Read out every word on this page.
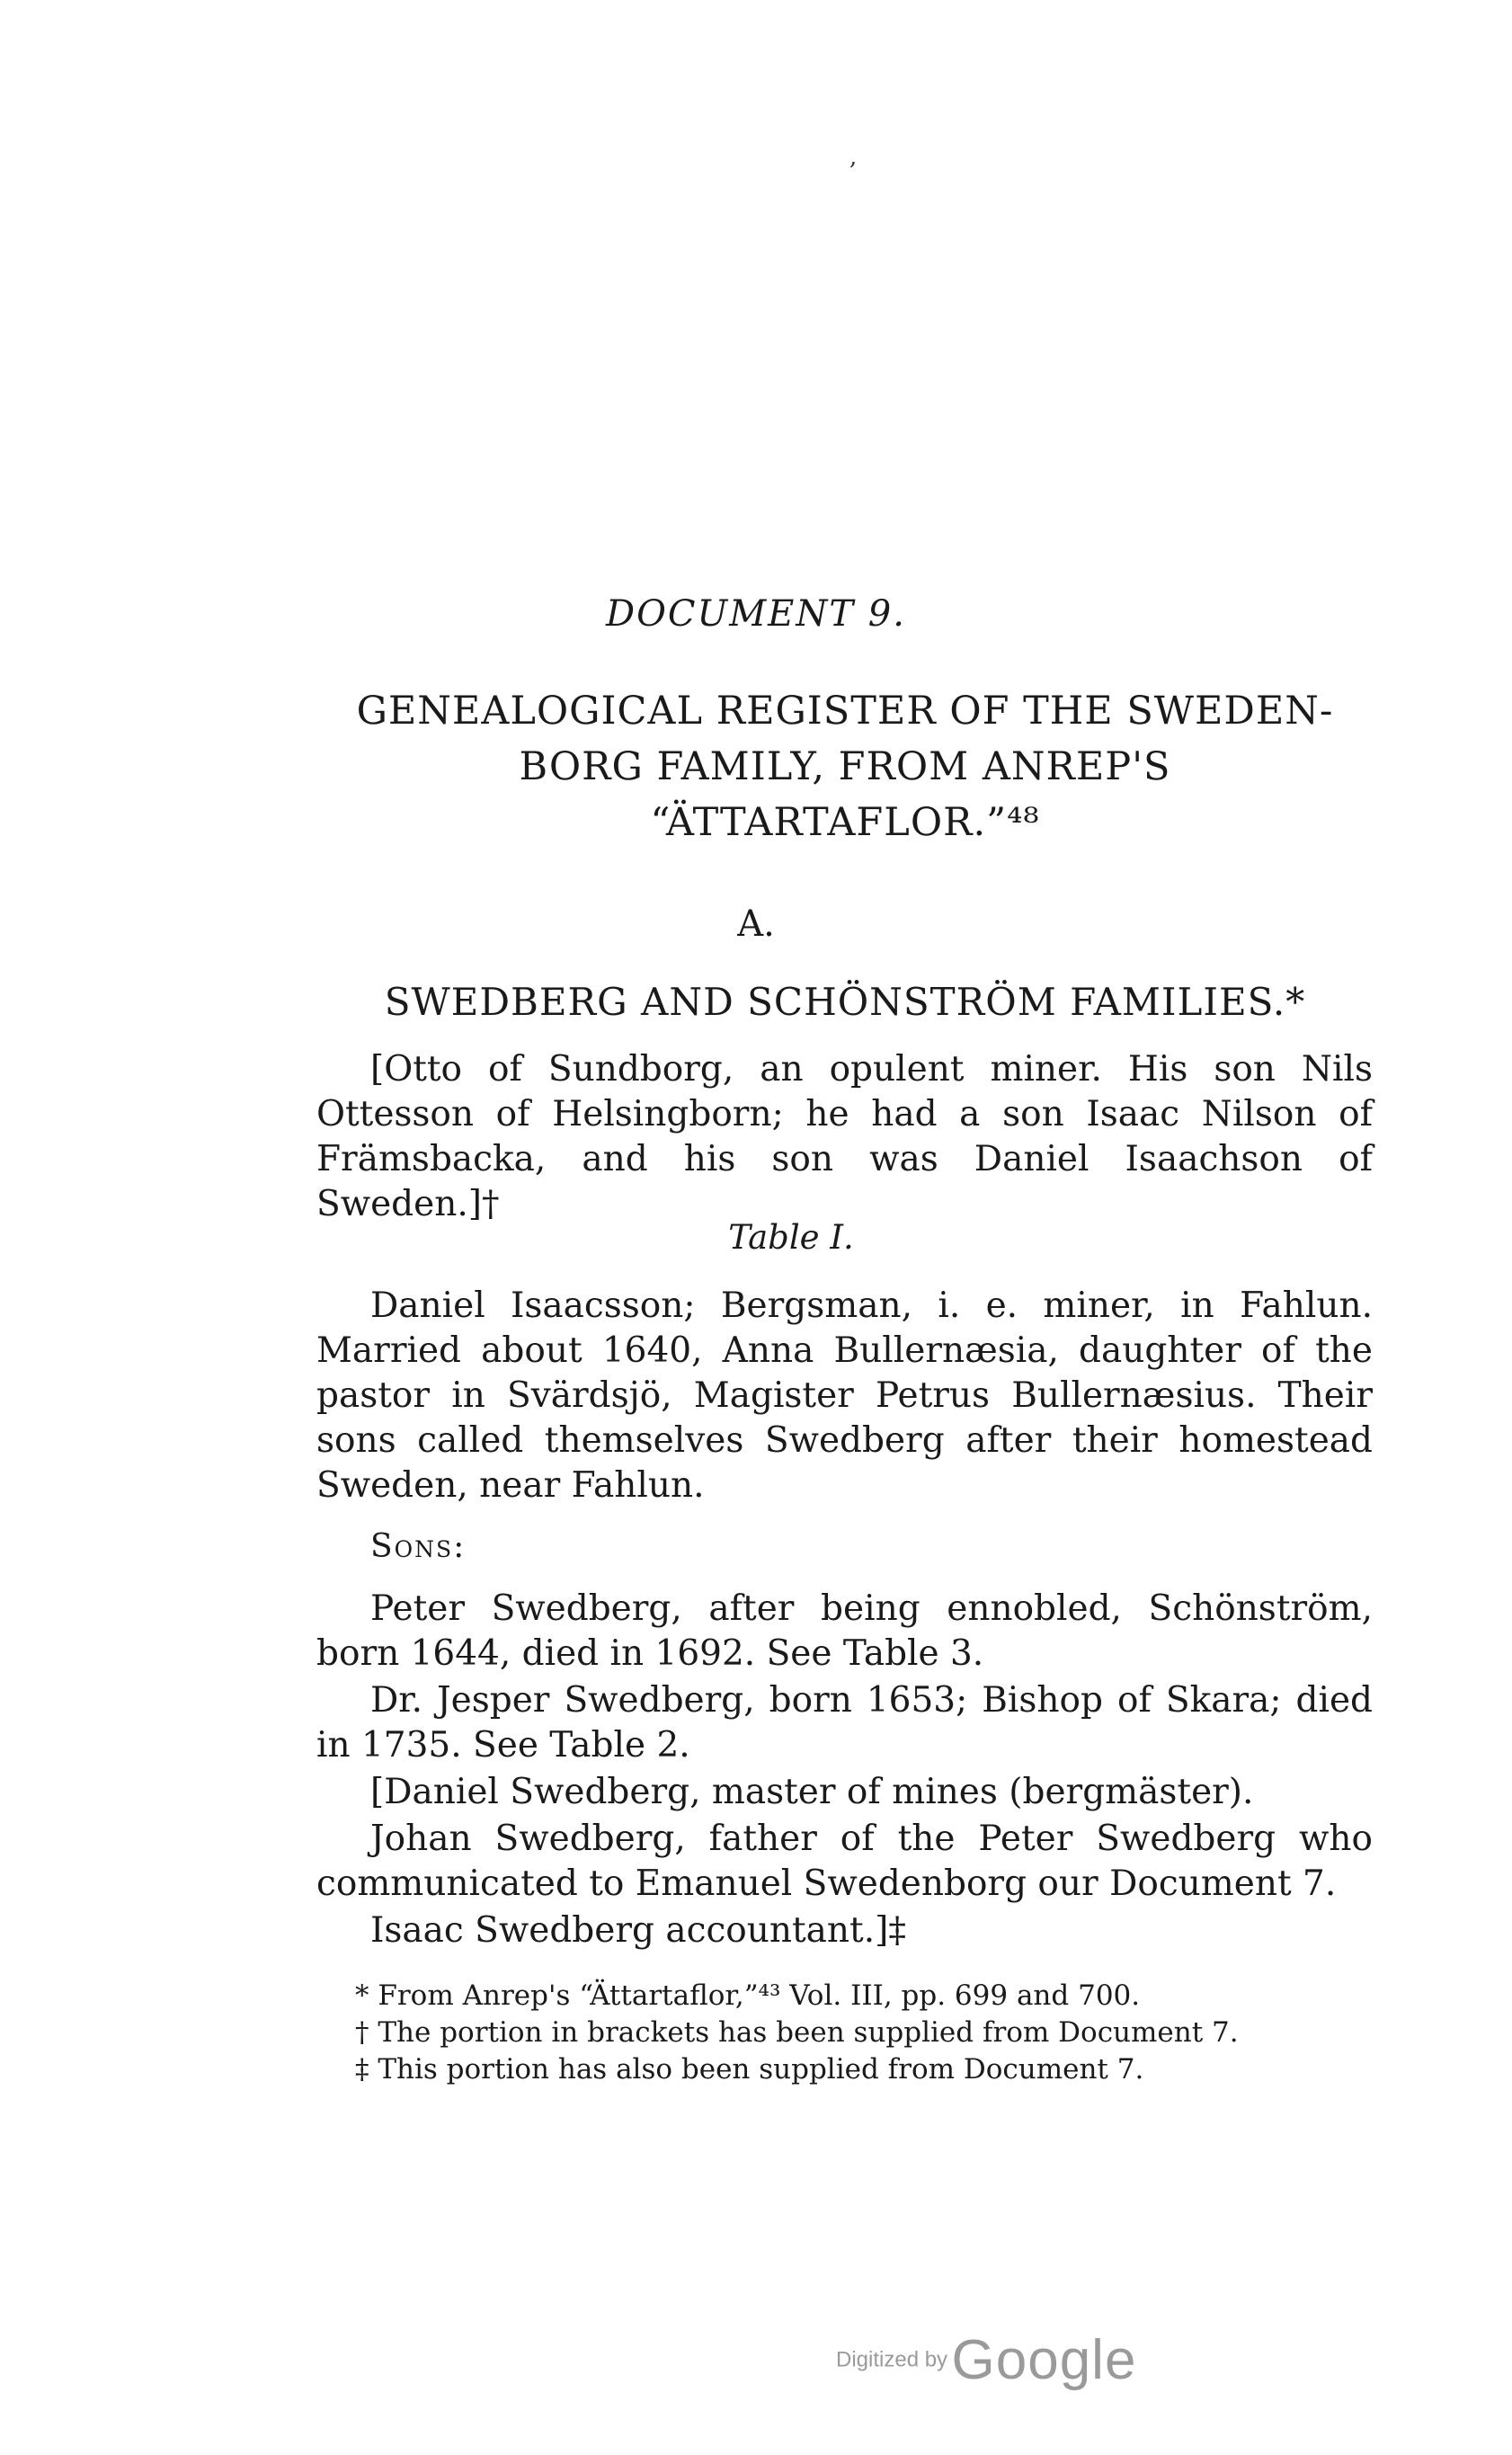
,
DOCUMENT 9.
GENEALOGICAL REGISTER OF THE SWEDEN-
BORG FAMILY, FROM ANREP'S
“ÄTTARTAFLOR.”⁴⁸
A.
SWEDBERG AND SCHÖNSTRÖM FAMILIES.*
[Otto of Sundborg, an opulent miner. His son Nils Ottesson of Helsingborn; he had a son Isaac Nilson of Främsbacka, and his son was Daniel Isaachson of Sweden.]†
Table I.
Daniel Isaacsson; Bergsman, i. e. miner, in Fahlun. Married about 1640, Anna Bullernæsia, daughter of the pastor in Svärdsjö, Magister Petrus Bullernæsius. Their sons called themselves Swedberg after their homestead Sweden, near Fahlun.
Sons:

Peter Swedberg, after being ennobled, Schönström, born 1644, died in 1692. See Table 3.

Dr. Jesper Swedberg, born 1653; Bishop of Skara; died in 1735. See Table 2.

[Daniel Swedberg, master of mines (bergmäster).

Johan Swedberg, father of the Peter Swedberg who communicated to Emanuel Swedenborg our Document 7.

Isaac Swedberg accountant.]‡

* From Anrep's “Ättartaflor,”⁴³ Vol. III, pp. 699 and 700.

† The portion in brackets has been supplied from Document 7.

‡ This portion has also been supplied from Document 7.

Digitized by Google
